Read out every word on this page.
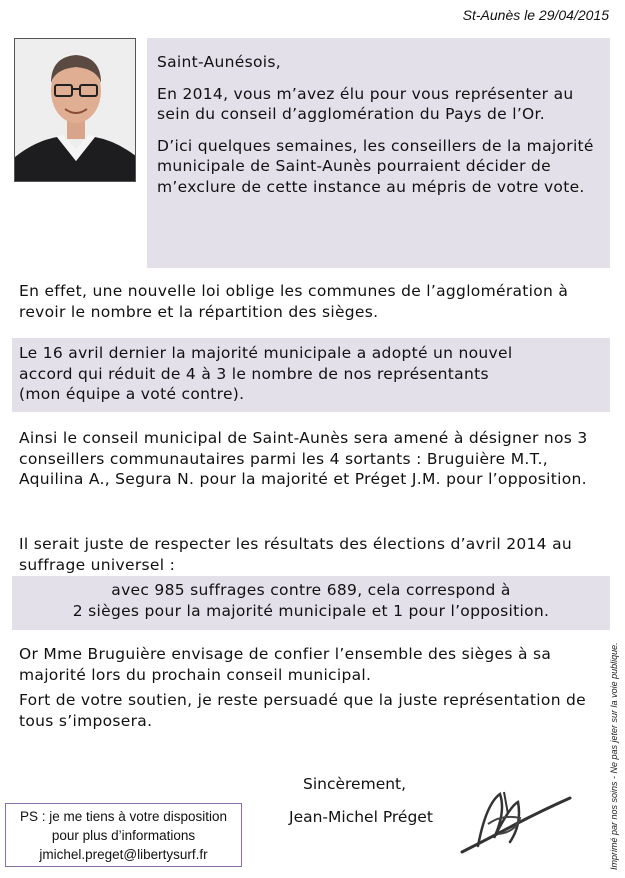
St-Aunès le 29/04/2015

Saint-Aunésois,

En 2014, vous m’avez élu pour vous représenter au sein du conseil d’agglomération du Pays de l’Or.

D’ici quelques semaines, les conseillers de la majorité municipale de Saint-Aunès pourraient décider de m’exclure de cette instance au mépris de votre vote.

En effet, une nouvelle loi oblige les communes de l’agglomération à revoir le nombre et la répartition des sièges.

Le 16 avril dernier la majorité municipale a adopté un nouvel
accord qui réduit de 4 à 3 le nombre de nos représentants
(mon équipe a voté contre).

Ainsi le conseil municipal de Saint-Aunès sera amené à désigner nos 3 conseillers communautaires parmi les 4 sortants : Bruguière M.T., Aquilina A., Segura N. pour la majorité et Préget J.M. pour l’opposition.

Il serait juste de respecter les résultats des élections d’avril 2014 au suffrage universel :

avec 985 suffrages contre 689, cela correspond à
2 sièges pour la majorité municipale et 1 pour l’opposition.

Or Mme Bruguière envisage de confier l’ensemble des sièges à sa majorité lors du prochain conseil municipal.

Fort de votre soutien, je reste persuadé que la juste représentation de tous s’imposera.

Sincèrement,
Jean-Michel Préget
PS : je me tiens à votre disposition
pour plus d’informations
jmichel.preget@libertysurf.fr	Imprimé par nos soins - Ne pas jeter sur la voie publique.
